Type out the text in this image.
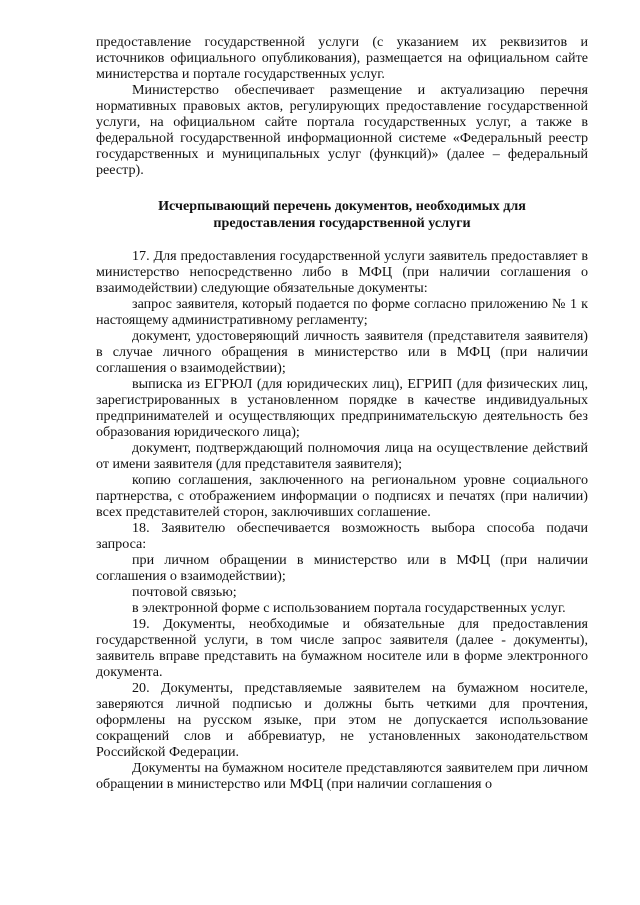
предоставление государственной услуги (с указанием их реквизитов и источников официального опубликования), размещается на официальном сайте министерства и портале государственных услуг.

Министерство обеспечивает размещение и актуализацию перечня нормативных правовых актов, регулирующих предоставление государственной услуги, на официальном сайте портала государственных услуг, а также в федеральной государственной информационной системе «Федеральный реестр государственных и муниципальных услуг (функций)» (далее – федеральный реестр).

Исчерпывающий перечень документов, необходимых для
предоставления государственной услуги

17. Для предоставления государственной услуги заявитель предоставляет в министерство непосредственно либо в МФЦ (при наличии соглашения о взаимодействии) следующие обязательные документы:

запрос заявителя, который подается по форме согласно приложению № 1 к настоящему административному регламенту;

документ, удостоверяющий личность заявителя (представителя заявителя) в случае личного обращения в министерство или в МФЦ (при наличии соглашения о взаимодействии);

выписка из ЕГРЮЛ (для юридических лиц), ЕГРИП (для физических лиц, зарегистрированных в установленном порядке в качестве индивидуальных предпринимателей и осуществляющих предпринимательскую деятельность без образования юридического лица);

документ, подтверждающий полномочия лица на осуществление действий от имени заявителя (для представителя заявителя);

копию соглашения, заключенного на региональном уровне социального партнерства, с отображением информации о подписях и печатях (при наличии) всех представителей сторон, заключивших соглашение.

18. Заявителю обеспечивается возможность выбора способа подачи запроса:

при личном обращении в министерство или в МФЦ (при наличии соглашения о взаимодействии);

почтовой связью;

в электронной форме с использованием портала государственных услуг.

19. Документы, необходимые и обязательные для предоставления государственной услуги, в том числе запрос заявителя (далее - документы), заявитель вправе представить на бумажном носителе или в форме электронного документа.

20. Документы, представляемые заявителем на бумажном носителе, заверяются личной подписью и должны быть четкими для прочтения, оформлены на русском языке, при этом не допускается использование сокращений слов и аббревиатур, не установленных законодательством Российской Федерации.

Документы на бумажном носителе представляются заявителем при личном обращении в министерство или МФЦ (при наличии соглашения о
